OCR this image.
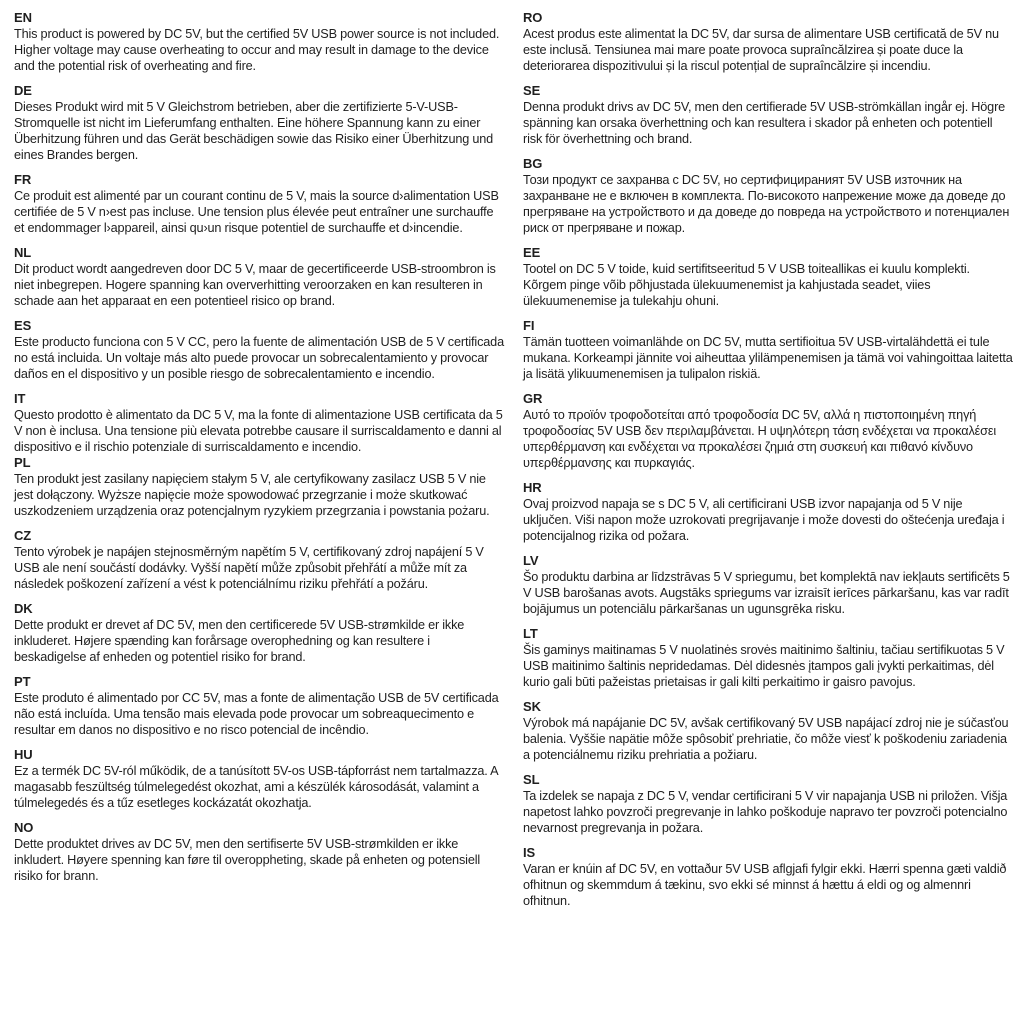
EN

This product is powered by DC 5V, but the certified 5V USB power source is not included. Higher voltage may cause overheating to occur and may result in damage to the device and the potential risk of overheating and fire.

DE

Dieses Produkt wird mit 5 V Gleichstrom betrieben, aber die zertifizierte 5-V-USB-Stromquelle ist nicht im Lieferumfang enthalten. Eine höhere Spannung kann zu einer Überhitzung führen und das Gerät beschädigen sowie das Risiko einer Überhitzung und eines Brandes bergen.

FR

Ce produit est alimenté par un courant continu de 5 V, mais la source d›alimentation USB certifiée de 5 V n›est pas incluse. Une tension plus élevée peut entraîner une surchauffe et endommager l›appareil, ainsi qu›un risque potentiel de surchauffe et d›incendie.

NL

Dit product wordt aangedreven door DC 5 V, maar de gecertificeerde USB-stroombron is niet inbegrepen. Hogere spanning kan oververhitting veroorzaken en kan resulteren in schade aan het apparaat en een potentieel risico op brand.

ES

Este producto funciona con 5 V CC, pero la fuente de alimentación USB de 5 V certificada no está incluida. Un voltaje más alto puede provocar un sobrecalentamiento y provocar daños en el dispositivo y un posible riesgo de sobrecalentamiento e incendio.

IT

Questo prodotto è alimentato da DC 5 V, ma la fonte di alimentazione USB certificata da 5 V non è inclusa. Una tensione più elevata potrebbe causare il surriscaldamento e danni al dispositivo e il rischio potenziale di surriscaldamento e incendio.

PL

Ten produkt jest zasilany napięciem stałym 5 V, ale certyfikowany zasilacz USB 5 V nie jest dołączony. Wyższe napięcie może spowodować przegrzanie i może skutkować uszkodzeniem urządzenia oraz potencjalnym ryzykiem przegrzania i powstania pożaru.

CZ

Tento výrobek je napájen stejnosměrným napětím 5 V, certifikovaný zdroj napájení 5 V USB ale není součástí dodávky. Vyšší napětí může způsobit přehřátí a může mít za následek poškození zařízení a vést k potenciálnímu riziku přehřátí a požáru.

DK

Dette produkt er drevet af DC 5V, men den certificerede 5V USB-strømkilde er ikke inkluderet. Højere spænding kan forårsage overophedning og kan resultere i beskadigelse af enheden og potentiel risiko for brand.

PT

Este produto é alimentado por CC 5V, mas a fonte de alimentação USB de 5V certificada não está incluída. Uma tensão mais elevada pode provocar um sobreaquecimento e resultar em danos no dispositivo e no risco potencial de incêndio.

HU

Ez a termék DC 5V-ról működik, de a tanúsított 5V-os USB-tápforrást nem tartalmazza. A magasabb feszültség túlmelegedést okozhat, ami a készülék károsodását, valamint a túlmelegedés és a tűz esetleges kockázatát okozhatja.

NO

Dette produktet drives av DC 5V, men den sertifiserte 5V USB-strømkilden er ikke inkludert. Høyere spenning kan føre til overoppheting, skade på enheten og potensiell risiko for brann.

RO

Acest produs este alimentat la DC 5V, dar sursa de alimentare USB certificată de 5V nu este inclusă. Tensiunea mai mare poate provoca supraîncălzirea și poate duce la deteriorarea dispozitivului și la riscul potențial de supraîncălzire și incendiu.

SE

Denna produkt drivs av DC 5V, men den certifierade 5V USB-strömkällan ingår ej. Högre spänning kan orsaka överhettning och kan resultera i skador på enheten och potentiell risk för överhettning och brand.

BG

Този продукт се захранва с DC 5V, но сертифицираният 5V USB източник на захранване не е включен в комплекта. По-високото напрежение може да доведе до прегряване на устройството и да доведе до повреда на устройството и потенциален риск от прегряване и пожар.

EE

Tootel on DC 5 V toide, kuid sertifitseeritud 5 V USB toiteallikas ei kuulu komplekti. Kõrgem pinge võib põhjustada ülekuumenemist ja kahjustada seadet, viies ülekuumenemise ja tulekahju ohuni.

FI

Tämän tuotteen voimanlähde on DC 5V, mutta sertifioitua 5V USB-virtalähdettä ei tule mukana. Korkeampi jännite voi aiheuttaa ylilämpenemisen ja tämä voi vahingoittaa laitetta ja lisätä ylikuumenemisen ja tulipalon riskiä.

GR

Αυτό το προϊόν τροφοδοτείται από τροφοδοσία DC 5V, αλλά η πιστοποιημένη πηγή τροφοδοσίας 5V USB δεν περιλαμβάνεται. Η υψηλότερη τάση ενδέχεται να προκαλέσει υπερθέρμανση και ενδέχεται να προκαλέσει ζημιά στη συσκευή και πιθανό κίνδυνο υπερθέρμανσης και πυρκαγιάς.

HR

Ovaj proizvod napaja se s DC 5 V, ali certificirani USB izvor napajanja od 5 V nije uključen. Viši napon može uzrokovati pregrijavanje i može dovesti do oštećenja uređaja i potencijalnog rizika od požara.

LV

Šo produktu darbina ar līdzstrāvas 5 V spriegumu, bet komplektā nav iekļauts sertificēts 5 V USB barošanas avots. Augstāks spriegums var izraisīt ierīces pārkaršanu, kas var radīt bojājumus un potenciālu pārkaršanas un ugunsgrēka risku.

LT

Šis gaminys maitinamas 5 V nuolatinės srovės maitinimo šaltiniu, tačiau sertifikuotas 5 V USB maitinimo šaltinis nepridedamas. Dėl didesnės įtampos gali įvykti perkaitimas, dėl kurio gali būti pažeistas prietaisas ir gali kilti perkaitimo ir gaisro pavojus.

SK

Výrobok má napájanie DC 5V, avšak certifikovaný 5V USB napájací zdroj nie je súčasťou balenia. Vyššie napätie môže spôsobiť prehriatie, čo môže viesť k poškodeniu zariadenia a potenciálnemu riziku prehriatia a požiaru.

SL

Ta izdelek se napaja z DC 5 V, vendar certificirani 5 V vir napajanja USB ni priložen. Višja napetost lahko povzroči pregrevanje in lahko poškoduje napravo ter povzroči potencialno nevarnost pregrevanja in požara.

IS

Varan er knúin af DC 5V, en vottaður 5V USB aflgjafi fylgir ekki. Hærri spenna gæti valdið ofhitnun og skemmdum á tækinu, svo ekki sé minnst á hættu á eldi og og almennri ofhitnun.
